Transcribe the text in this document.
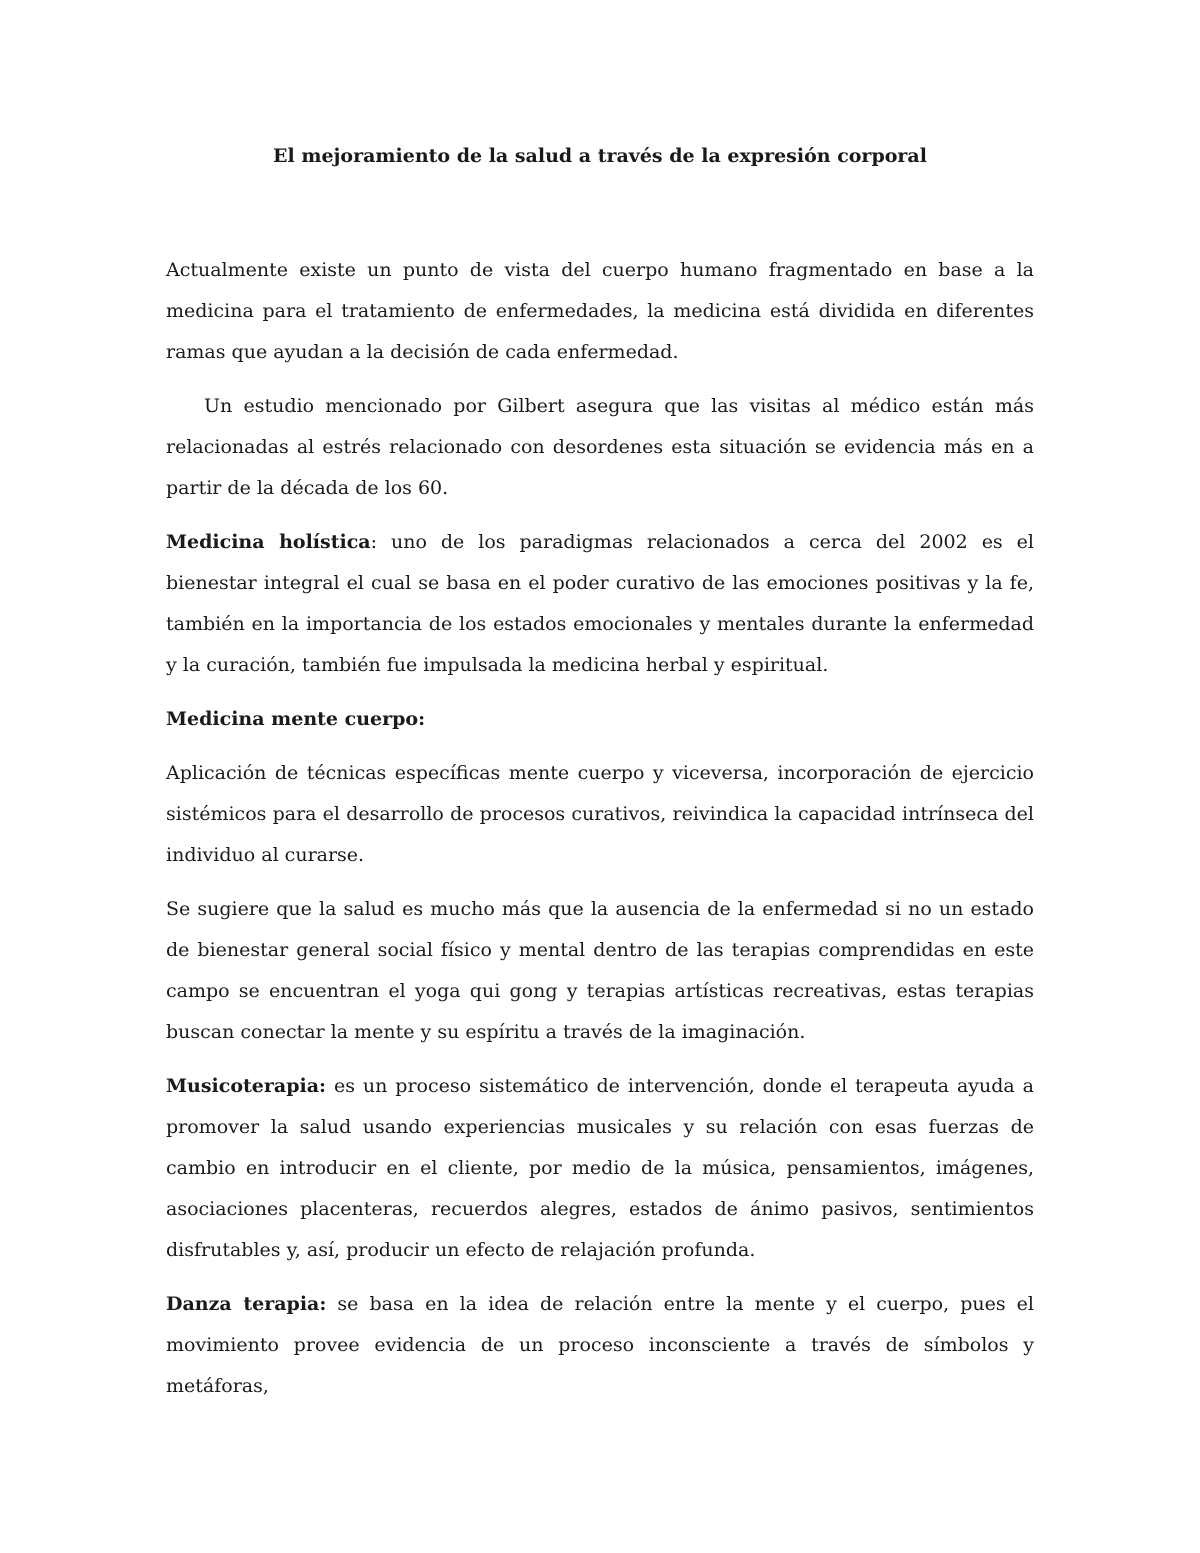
El mejoramiento de la salud a través de la expresión corporal

Actualmente existe un punto de vista del cuerpo humano fragmentado en base a la medicina para el tratamiento de enfermedades, la medicina está dividida en diferentes ramas que ayudan a la decisión de cada enfermedad.

Un estudio mencionado por Gilbert asegura que las visitas al médico están más relacionadas al estrés relacionado con desordenes esta situación se evidencia más en a partir de la década de los 60.

Medicina holística: uno de los paradigmas relacionados a cerca del 2002 es el bienestar integral el cual se basa en el poder curativo de las emociones positivas y la fe, también en la importancia de los estados emocionales y mentales durante la enfermedad y la curación, también fue impulsada la medicina herbal y espiritual.

Medicina mente cuerpo:

Aplicación de técnicas específicas mente cuerpo y viceversa, incorporación de ejercicio sistémicos para el desarrollo de procesos curativos, reivindica la capacidad intrínseca del individuo al curarse.

Se sugiere que la salud es mucho más que la ausencia de la enfermedad si no un estado de bienestar general social físico y mental dentro de las terapias comprendidas en este campo se encuentran el yoga qui gong y terapias artísticas recreativas, estas terapias buscan conectar la mente y su espíritu a través de la imaginación.

Musicoterapia: es un proceso sistemático de intervención, donde el terapeuta ayuda a promover la salud usando experiencias musicales y su relación con esas fuerzas de cambio en introducir en el cliente, por medio de la música, pensamientos, imágenes, asociaciones placenteras, recuerdos alegres, estados de ánimo pasivos, sentimientos disfrutables y, así, producir un efecto de relajación profunda.

Danza terapia: se basa en la idea de relación entre la mente y el cuerpo, pues el movimiento provee evidencia de un proceso inconsciente a través de símbolos y metáforas,
